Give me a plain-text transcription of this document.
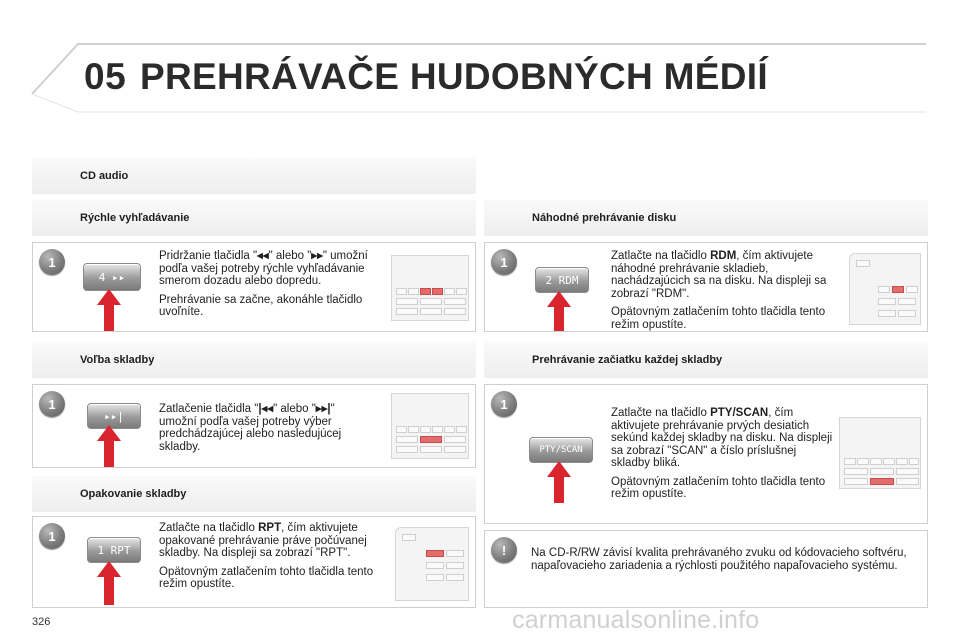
05 PREHRÁVAČE HUDOBNÝCH MÉDIÍ
CD audio
Rýchle vyhľadávanie
1
4 ▸▸

Pridržanie tlačidla "◂◂" alebo "▸▸" umožní podľa vašej potreby rýchle vyhľadávanie smerom dozadu alebo dopredu.

Prehrávanie sa začne, akonáhle tlačidlo uvoľníte.

Voľba skladby
1
▸▸|

Zatlačenie tlačidla "|◂◂" alebo "▸▸|" umožní podľa vašej potreby výber predchádzajúcej alebo nasledujúcej skladby.

Opakovanie skladby
1
1 RPT

Zatlačte na tlačidlo RPT, čím aktivujete opakované prehrávanie práve počúvanej skladby. Na displeji sa zobrazí "RPT".

Opätovným zatlačením tohto tlačidla tento režim opustíte.

Náhodné prehrávanie disku
1
2 RDM

Zatlačte na tlačidlo RDM, čím aktivujete náhodné prehrávanie skladieb, nachádzajúcich sa na disku. Na displeji sa zobrazí "RDM".

Opätovným zatlačením tohto tlačidla tento režim opustíte.

Prehrávanie začiatku každej skladby
1
PTY/SCAN

Zatlačte na tlačidlo PTY/SCAN, čím aktivujete prehrávanie prvých desiatich sekúnd každej skladby na disku. Na displeji sa zobrazí "SCAN" a číslo príslušnej skladby bliká.

Opätovným zatlačením tohto tlačidla tento režim opustíte.

!	Na CD-R/RW závisí kvalita prehrávaného zvuku od kódovacieho softvéru, napaľovacieho zariadenia a rýchlosti použitého napaľovacieho systému.
326	carmanualsonline.info
